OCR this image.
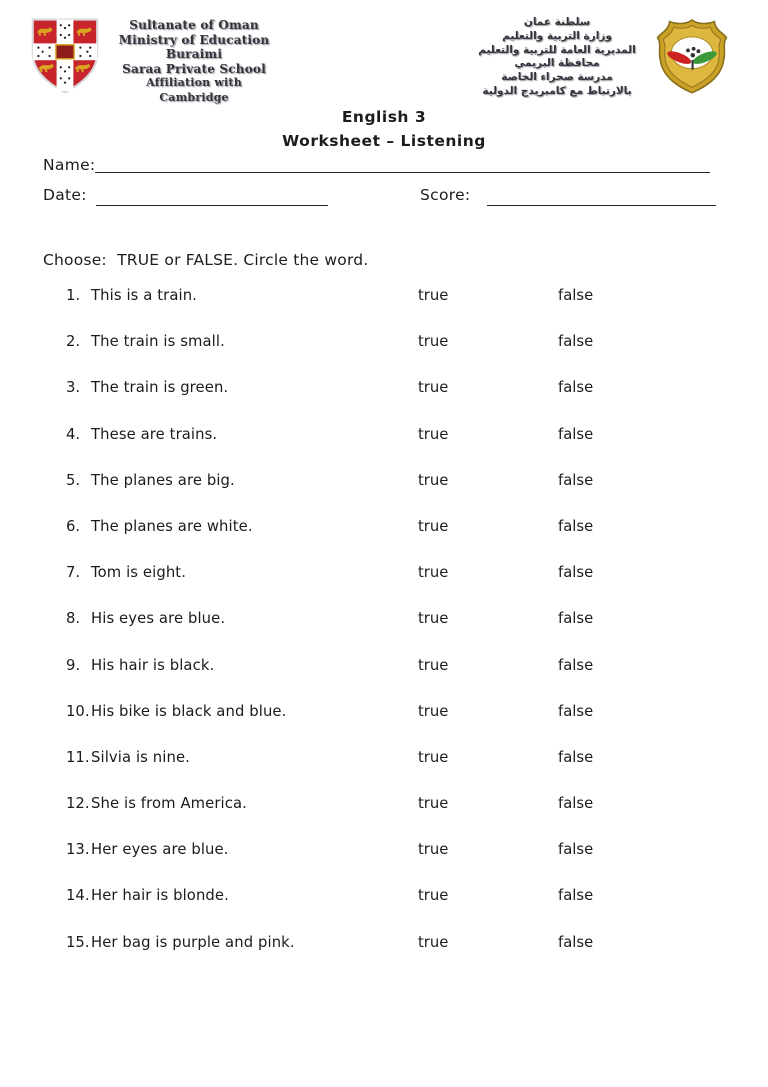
Sultanate of Oman
Ministry of Education
Buraimi
Saraa Private School
Affiliation with Cambridge
سلطنة عمان
وزارة التربية والتعليم
المديرية العامة للتربية والتعليم
محافظة البريمي
مدرسة صحراء الخاصة
بالارتباط مع كامبريدج الدولية
English 3
Worksheet – Listening
Name:
Date:	Score:
Choose:  TRUE or FALSE. Circle the word.
1. This is a train.	true	false
2. The train is small.	true	false
3. The train is green.	true	false
4. These are trains.	true	false
5. The planes are big.	true	false
6. The planes are white.	true	false
7. Tom is eight.	true	false
8. His eyes are blue.	true	false
9. His hair is black.	true	false
10. His bike is black and blue.	true	false
11. Silvia is nine.	true	false
12. She is from America.	true	false
13. Her eyes are blue.	true	false
14. Her hair is blonde.	true	false
15. Her bag is purple and pink.	true	false
